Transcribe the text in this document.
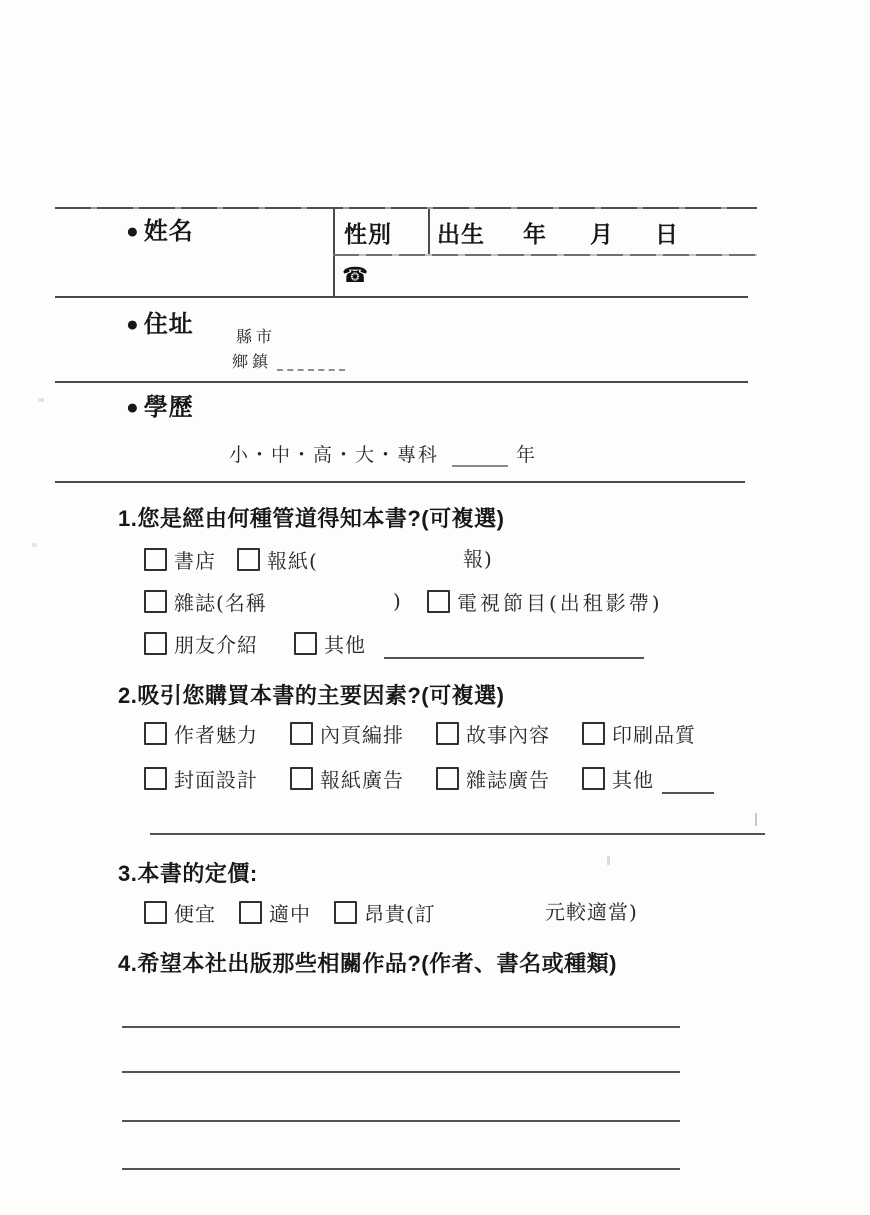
● 姓名	性別 出生 年 月 日
☎
● 住址	縣市
鄉鎮
● 學歷
小・中・高・大・專科	年
1.您是經由何種管道得知本書?(可複選)
書店	報紙(	報)
雜誌(名稱	)	電視節目(出租影帶)
朋友介紹	其他
2.吸引您購買本書的主要因素?(可複選)
作者魅力	內頁編排	故事內容	印刷品質
封面設計	報紙廣告	雜誌廣告	其他
3.本書的定價:
便宜	適中	昂貴(訂	元較適當)
4.希望本社出版那些相關作品?(作者、書名或種類)
